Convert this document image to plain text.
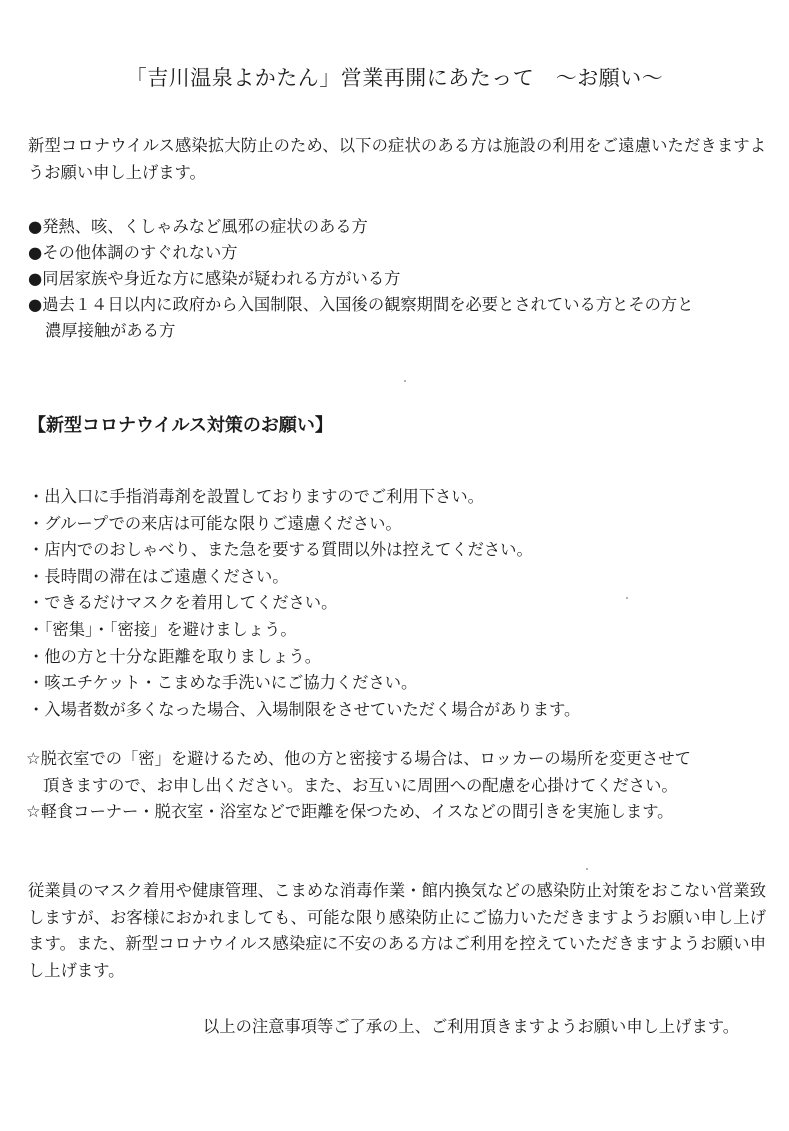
「吉川温泉よかたん」営業再開にあたって　～お願い～
新型コロナウイルス感染拡大防止のため、以下の症状のある方は施設の利用をご遠慮いただきますようお願い申し上げます。
●発熱、咳、くしゃみなど風邪の症状のある方
●その他体調のすぐれない方
●同居家族や身近な方に感染が疑われる方がいる方
●過去１４日以内に政府から入国制限、入国後の観察期間を必要とされている方とその方と
濃厚接触がある方
【新型コロナウイルス対策のお願い】
・出入口に手指消毒剤を設置しておりますのでご利用下さい。
・グループでの来店は可能な限りご遠慮ください。
・店内でのおしゃべり、また急を要する質問以外は控えてください。
・長時間の滞在はご遠慮ください。
・できるだけマスクを着用してください。
・「密集」・「密接」を避けましょう。
・他の方と十分な距離を取りましょう。
・咳エチケット・こまめな手洗いにご協力ください。
・入場者数が多くなった場合、入場制限をさせていただく場合があります。
☆脱衣室での「密」を避けるため、他の方と密接する場合は、ロッカーの場所を変更させて
頂きますので、お申し出ください。また、お互いに周囲への配慮を心掛けてください。
☆軽食コーナー・脱衣室・浴室などで距離を保つため、イスなどの間引きを実施します。
従業員のマスク着用や健康管理、こまめな消毒作業・館内換気などの感染防止対策をおこない営業致しますが、お客様におかれましても、可能な限り感染防止にご協力いただきますようお願い申し上げます。また、新型コロナウイルス感染症に不安のある方はご利用を控えていただきますようお願い申し上げます。
以上の注意事項等ご了承の上、ご利用頂きますようお願い申し上げます。
